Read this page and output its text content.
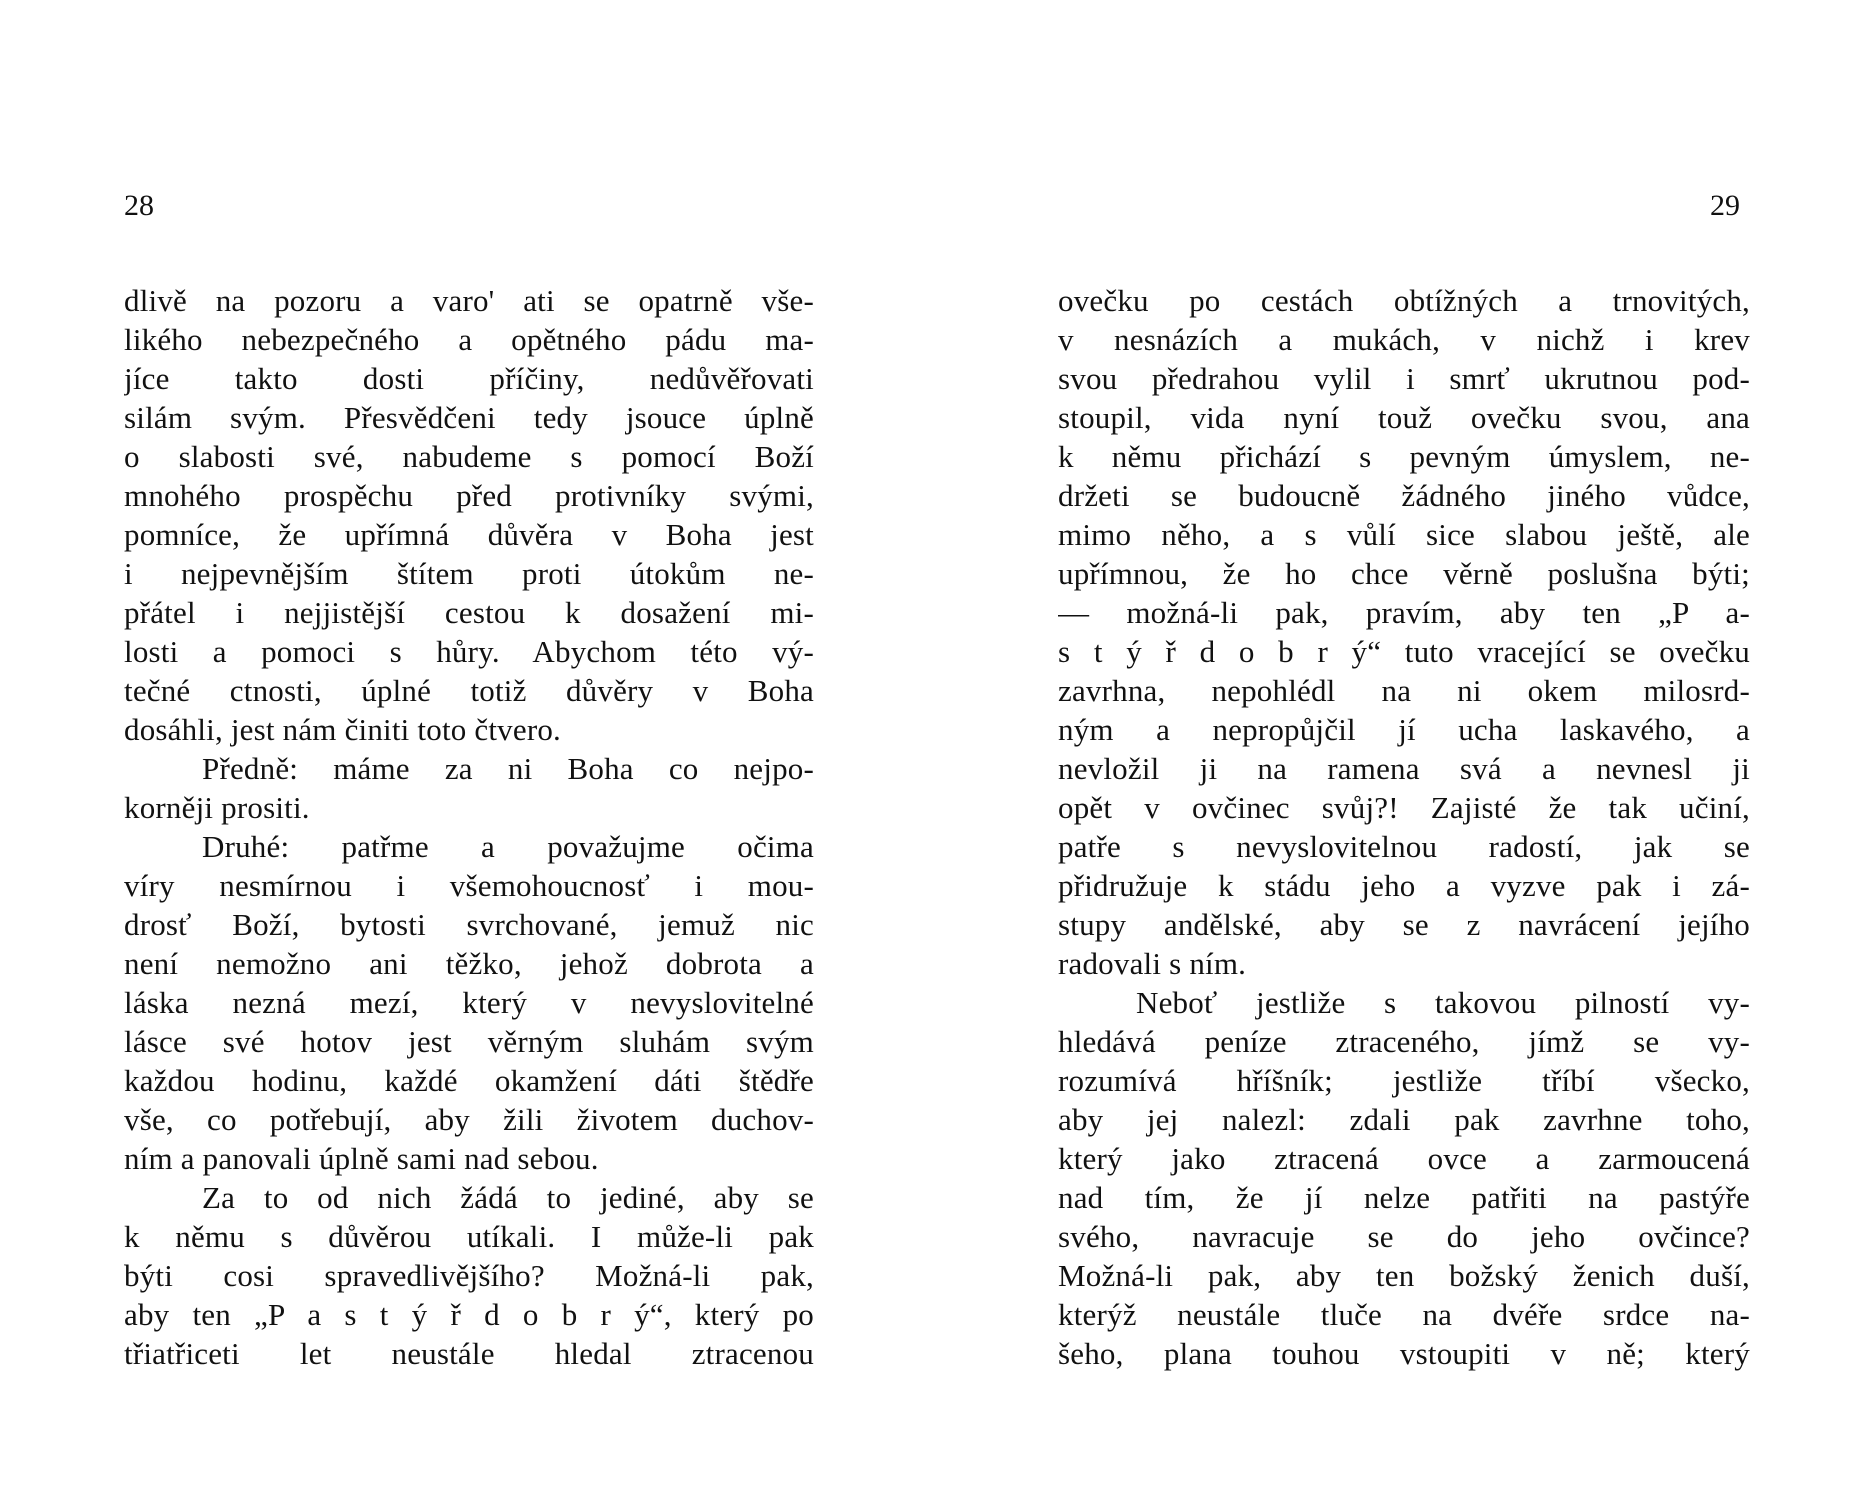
28	29
dlivě na pozoru a varo' ati se opatrně vše-
likého nebezpečného a opětného pádu ma-
jíce takto dosti příčiny, nedůvěřovati
silám svým. Přesvědčeni tedy jsouce úplně
o slabosti své, nabudeme s pomocí Boží
mnohého prospěchu před protivníky svými,
pomníce, že upřímná důvěra v Boha jest
i nejpevnějším štítem proti útokům ne-
přátel i nejjistější cestou k dosažení mi-
losti a pomoci s hůry. Abychom této vý-
tečné ctnosti, úplné totiž důvěry v Boha
dosáhli, jest nám činiti toto čtvero.
Předně: máme za ni Boha co nejpo-
korněji prositi.
Druhé: patřme a považujme očima
víry nesmírnou i všemohoucnosť i mou-
drosť Boží, bytosti svrchované, jemuž nic
není nemožno ani těžko, jehož dobrota a
láska nezná mezí, který v nevyslovitelné
lásce své hotov jest věrným sluhám svým
každou hodinu, každé okamžení dáti štědře
vše, co potřebují, aby žili životem duchov-
ním a panovali úplně sami nad sebou.
Za to od nich žádá to jediné, aby se
k němu s důvěrou utíkali. I může-li pak
býti cosi spravedlivějšího? Možná-li pak,
aby ten „P a s t ý ř d o b r ý“, který po
třiatřiceti let neustále hledal ztracenou
ovečku po cestách obtížných a trnovitých,
v nesnázích a mukách, v nichž i krev
svou předrahou vylil i smrť ukrutnou pod-
stoupil, vida nyní touž ovečku svou, ana
k němu přichází s pevným úmyslem, ne-
držeti se budoucně žádného jiného vůdce,
mimo něho, a s vůlí sice slabou ještě, ale
upřímnou, že ho chce věrně poslušna býti;
— možná-li pak, pravím, aby ten „P a-
s t ý ř d o b r ý“ tuto vracející se ovečku
zavrhna, nepohlédl na ni okem milosrd-
ným a nepropůjčil jí ucha laskavého, a
nevložil ji na ramena svá a nevnesl ji
opět v ovčinec svůj?! Zajisté že tak učiní,
patře s nevyslovitelnou radostí, jak se
přidružuje k stádu jeho a vyzve pak i zá-
stupy andělské, aby se z navrácení jejího
radovali s ním.
Neboť jestliže s takovou pilností vy-
hledává peníze ztraceného, jímž se vy-
rozumívá hříšník; jestliže tříbí všecko,
aby jej nalezl: zdali pak zavrhne toho,
který jako ztracená ovce a zarmoucená
nad tím, že jí nelze patřiti na pastýře
svého, navracuje se do jeho ovčince?
Možná-li pak, aby ten božský ženich duší,
kterýž neustále tluče na dvéře srdce na-
šeho, plana touhou vstoupiti v ně; který
